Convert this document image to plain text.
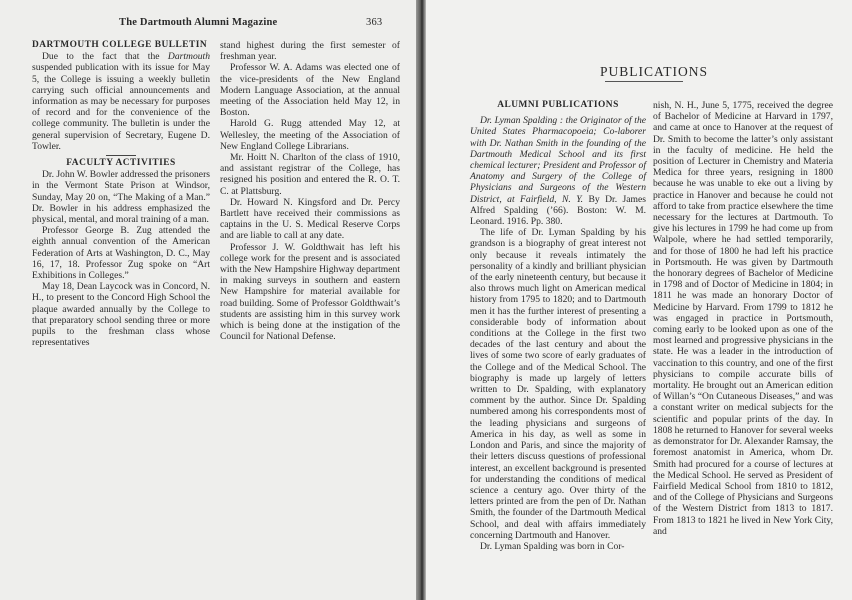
The Dartmouth Alumni Magazine	363
DARTMOUTH COLLEGE BULLETIN

Due to the fact that the Dartmouth suspended publication with its issue for May 5, the College is issuing a weekly bulletin carrying such official announcements and information as may be necessary for purposes of record and for the convenience of the college community. The bulletin is under the general supervision of Secretary, Eugene D. Towler.

FACULTY ACTIVITIES

Dr. John W. Bowler addressed the prisoners in the Vermont State Prison at Windsor, Sunday, May 20 on, “The Making of a Man.” Dr. Bowler in his address emphasized the physical, mental, and moral training of a man.

Professor George B. Zug attended the eighth annual convention of the American Federation of Arts at Washington, D. C., May 16, 17, 18. Professor Zug spoke on “Art Exhibitions in Colleges.”

May 18, Dean Laycock was in Concord, N. H., to present to the Concord High School the plaque awarded annually by the College to that preparatory school sending three or more pupils to the freshman class whose representatives

stand highest during the first semester of freshman year.

Professor W. A. Adams was elected one of the vice-presidents of the New England Modern Language Association, at the annual meeting of the Association held May 12, in Boston.

Harold G. Rugg attended May 12, at Wellesley, the meeting of the Association of New England College Librarians.

Mr. Hoitt N. Charlton of the class of 1910, and assistant registrar of the College, has resigned his position and entered the R. O. T. C. at Plattsburg.

Dr. Howard N. Kingsford and Dr. Percy Bartlett have received their commissions as captains in the U. S. Medical Reserve Corps and are liable to call at any date.

Professor J. W. Goldthwait has left his college work for the present and is associated with the New Hampshire Highway department in making surveys in southern and eastern New Hampshire for material available for road building. Some of Professor Goldthwait’s students are assisting him in this survey work which is being done at the instigation of the Council for National Defense.

PUBLICATIONS
ALUMNI PUBLICATIONS

Dr. Lyman Spalding : the Originator of the United States Pharmacopoeia; Co-laborer with Dr. Nathan Smith in the founding of the Dartmouth Medical School and its first chemical lecturer; President and Professor of Anatomy and Surgery of the College of Physicians and Surgeons of the Western District, at Fairfield, N. Y. By Dr. James Alfred Spalding (’66). Boston: W. M. Leonard. 1916. Pp. 380.

The life of Dr. Lyman Spalding by his grandson is a biography of great interest not only because it reveals intimately the personality of a kindly and brilliant physician of the early nineteenth century, but because it also throws much light on American medical history from 1795 to 1820; and to Dartmouth men it has the further interest of presenting a considerable body of information about conditions at the College in the first two decades of the last century and about the lives of some two score of early graduates of the College and of the Medical School. The biography is made up largely of letters written to Dr. Spalding, with explanatory comment by the author. Since Dr. Spalding numbered among his correspondents most of the leading physicians and surgeons of America in his day, as well as some in London and Paris, and since the majority of their letters discuss questions of professional interest, an excellent background is presented for understanding the conditions of medical science a century ago. Over thirty of the letters printed are from the pen of Dr. Nathan Smith, the founder of the Dartmouth Medical School, and deal with affairs immediately concerning Dartmouth and Hanover.

Dr. Lyman Spalding was born in Cor-

nish, N. H., June 5, 1775, received the degree of Bachelor of Medicine at Harvard in 1797, and came at once to Hanover at the request of Dr. Smith to become the latter’s only assistant in the faculty of medicine. He held the position of Lecturer in Chemistry and Materia Medica for three years, resigning in 1800 because he was unable to eke out a living by practice in Hanover and because he could not afford to take from practice elsewhere the time necessary for the lectures at Dartmouth. To give his lectures in 1799 he had come up from Walpole, where he had settled temporarily, and for those of 1800 he had left his practice in Portsmouth. He was given by Dartmouth the honorary degrees of Bachelor of Medicine in 1798 and of Doctor of Medicine in 1804; in 1811 he was made an honorary Doctor of Medicine by Harvard. From 1799 to 1812 he was engaged in practice in Portsmouth, coming early to be looked upon as one of the most learned and progressive physicians in the state. He was a leader in the introduction of vaccination to this country, and one of the first physicians to compile accurate bills of mortality. He brought out an American edition of Willan’s “On Cutaneous Diseases,” and was a constant writer on medical subjects for the scientific and popular prints of the day. In 1808 he returned to Hanover for several weeks as demonstrator for Dr. Alexander Ramsay, the foremost anatomist in America, whom Dr. Smith had procured for a course of lectures at the Medical School. He served as President of Fairfield Medical School from 1810 to 1812, and of the College of Physicians and Surgeons of the Western District from 1813 to 1817. From 1813 to 1821 he lived in New York City, and
